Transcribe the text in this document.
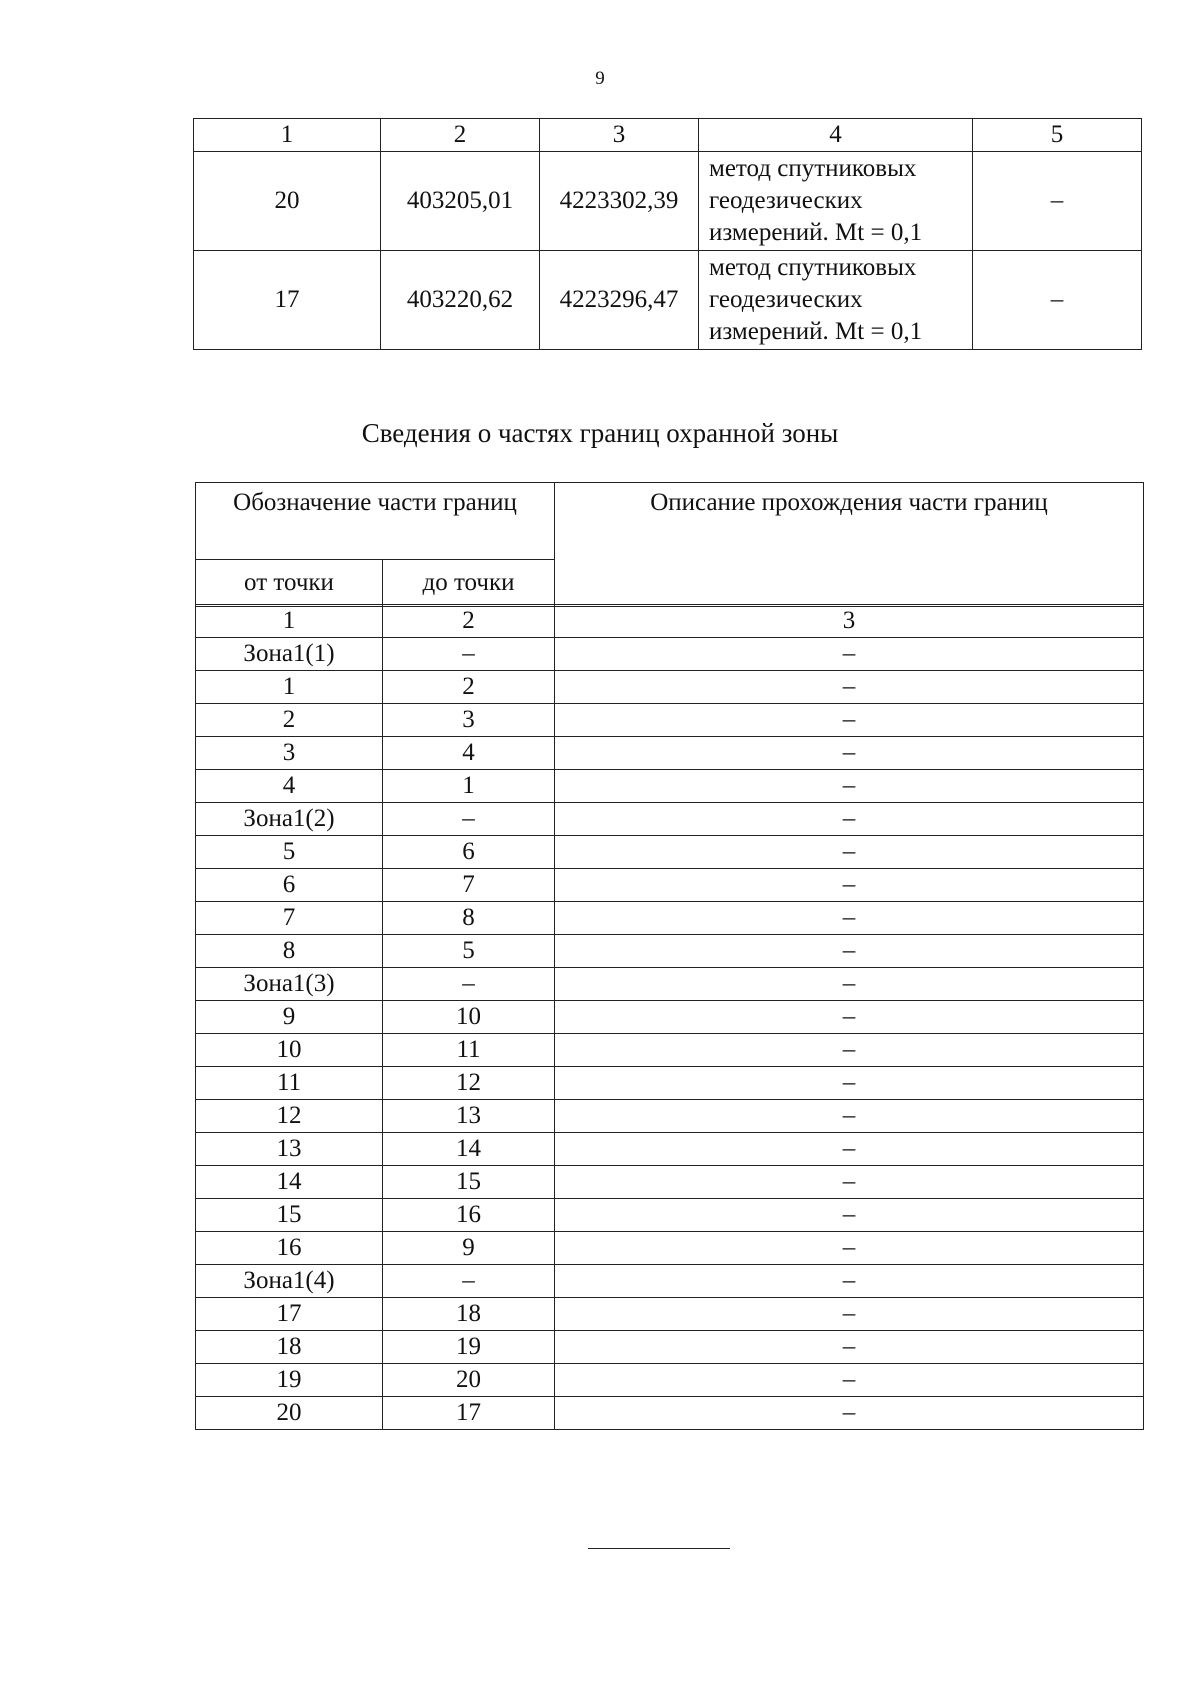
9
1	2	3	4	5
20	403205,01	4223302,39	метод спутниковых
геодезических
измерений. Mt = 0,1	–
17	403220,62	4223296,47	метод спутниковых
геодезических
измерений. Mt = 0,1	–
Сведения о частях границ охранной зоны
Обозначение части границ		Описание прохождения части границ
от точки	до точки	
1	2	3
Зона1(1)	–	–
1	2	–
2	3	–
3	4	–
4	1	–
Зона1(2)	–	–
5	6	–
6	7	–
7	8	–
8	5	–
Зона1(3)	–	–
9	10	–
10	11	–
11	12	–
12	13	–
13	14	–
14	15	–
15	16	–
16	9	–
Зона1(4)	–	–
17	18	–
18	19	–
19	20	–
20	17	–
